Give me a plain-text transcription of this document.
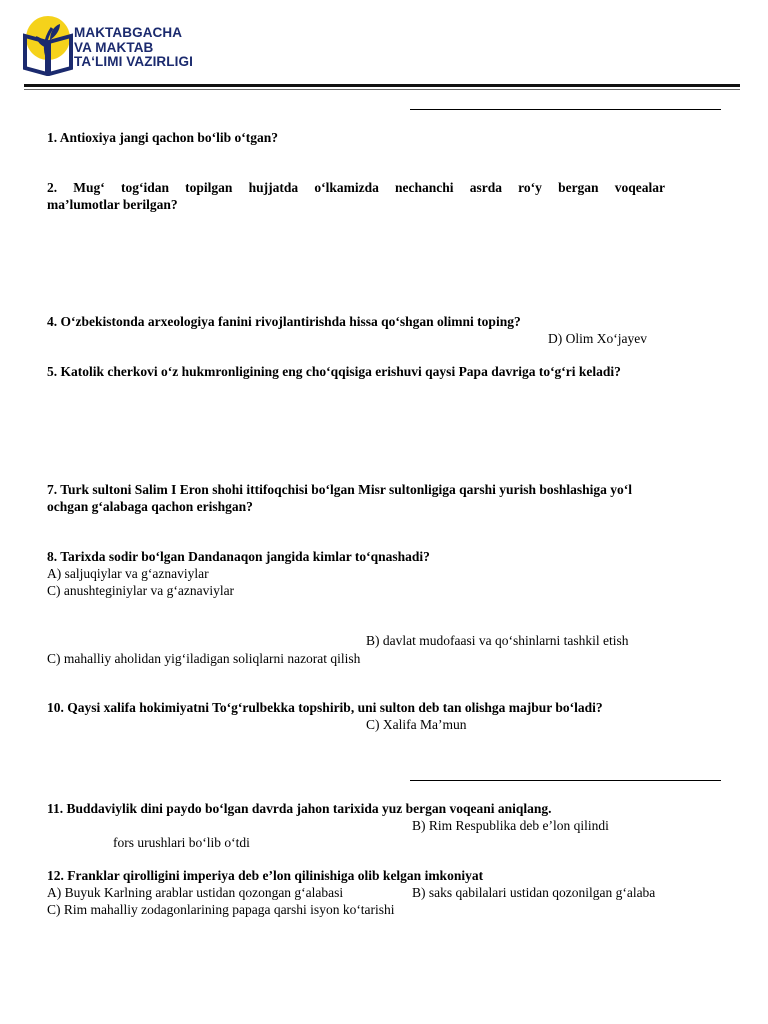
MAKTABGACHA
VA MAKTAB
TA‘LIMI VAZIRLIGI
1. Antioxiya jangi qachon bo‘lib o‘tgan?
2. Mug‘ tog‘idan topilgan hujjatda o‘lkamizda nechanchi asrda ro‘y bergan voqealar
ma’lumotlar berilgan?
4. O‘zbekistonda arxeologiya fanini rivojlantirishda hissa qo‘shgan olimni toping?
D) Olim Xo‘jayev
5. Katolik cherkovi o‘z hukmronligining eng cho‘qqisiga erishuvi qaysi Papa davriga to‘g‘ri keladi?
7. Turk sultoni Salim I Eron shohi ittifoqchisi bo‘lgan Misr sultonligiga qarshi yurish boshlashiga yo‘l
ochgan g‘alabaga qachon erishgan?
8. Tarixda sodir bo‘lgan Dandanaqon jangida kimlar to‘qnashadi?
A) saljuqiylar va g‘aznaviylar
C) anushteginiylar va g‘aznaviylar
B) davlat mudofaasi va qo‘shinlarni tashkil etish
C) mahalliy aholidan yig‘iladigan soliqlarni nazorat qilish
10. Qaysi xalifa hokimiyatni To‘g‘rulbekka topshirib, uni sulton deb tan olishga majbur bo‘ladi?
C) Xalifa Ma’mun
11. Buddaviylik dini paydo bo‘lgan davrda jahon tarixida yuz bergan voqeani aniqlang.
B) Rim Respublika deb e’lon qilindi
fors urushlari bo‘lib o‘tdi
12. Franklar qirolligini imperiya deb e’lon qilinishiga olib kelgan imkoniyat
A) Buyuk Karlning arablar ustidan qozongan g‘alabasi	B) saks qabilalari ustidan qozonilgan g‘alaba
C) Rim mahalliy zodagonlarining papaga qarshi isyon ko‘tarishi
